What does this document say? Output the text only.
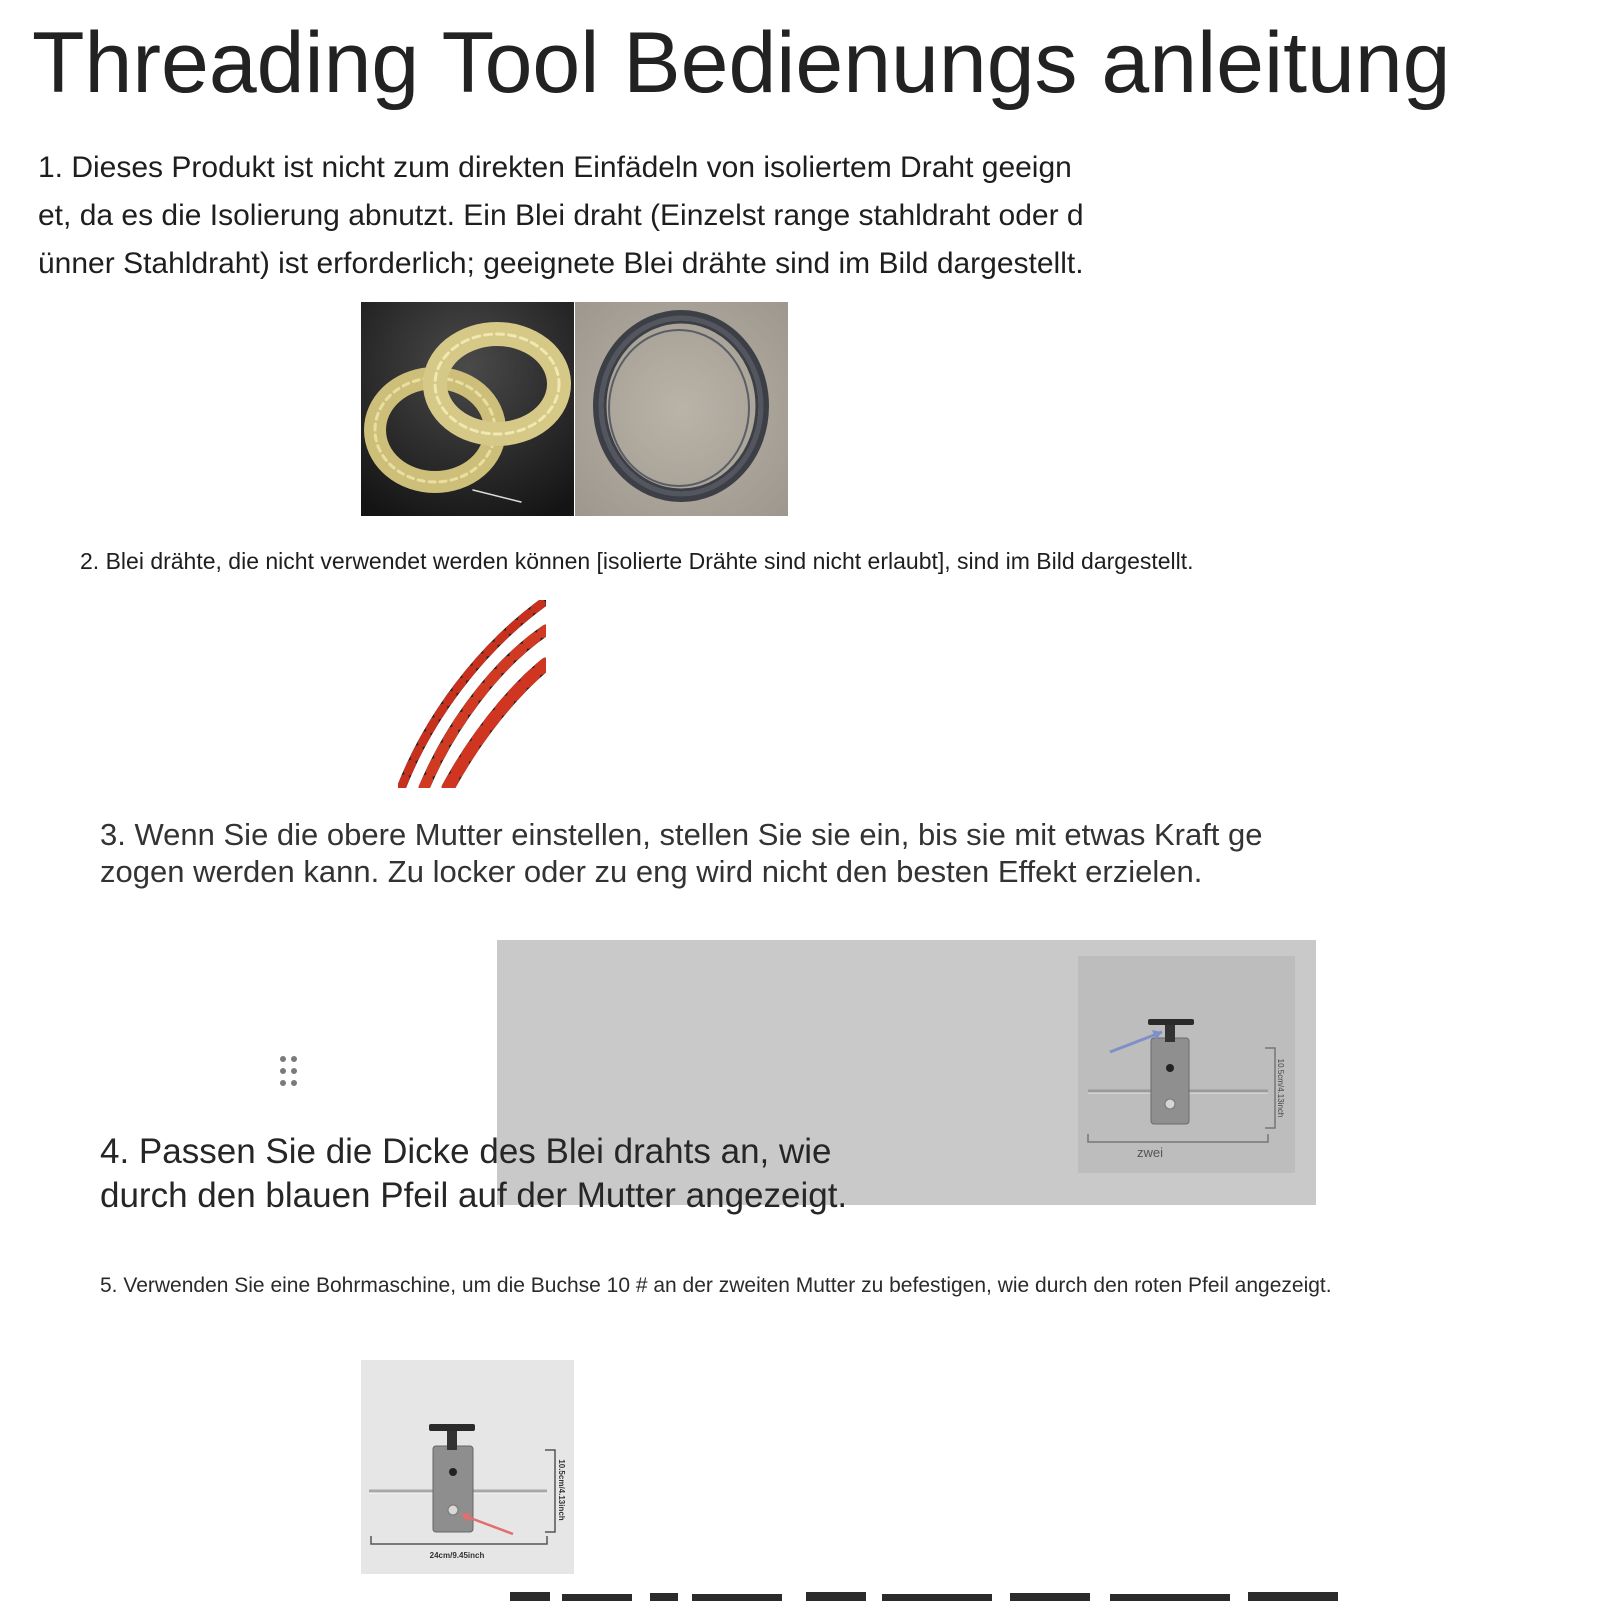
Threading Tool Bedienungs anleitung
1. Dieses Produkt ist nicht zum direkten Einfädeln von isoliertem Draht geeign
et, da es die Isolierung abnutzt. Ein Blei draht (Einzelst range stahldraht oder d
ünner Stahldraht) ist erforderlich; geeignete Blei drähte sind im Bild dargestellt.
2. Blei drähte, die nicht verwendet werden können [isolierte Drähte sind nicht erlaubt], sind im Bild dargestellt.
3. Wenn Sie die obere Mutter einstellen, stellen Sie sie ein, bis sie mit etwas Kraft ge
zogen werden kann. Zu locker oder zu eng wird nicht den besten Effekt erzielen.
10.5cm/4.13inch
zwei
4. Passen Sie die Dicke des Blei drahts an, wie
durch den blauen Pfeil auf der Mutter angezeigt.
5. Verwenden Sie eine Bohrmaschine, um die Buchse 10 # an der zweiten Mutter zu befestigen, wie durch den roten Pfeil angezeigt.
10.5cm/4.13inch
24cm/9.45inch
